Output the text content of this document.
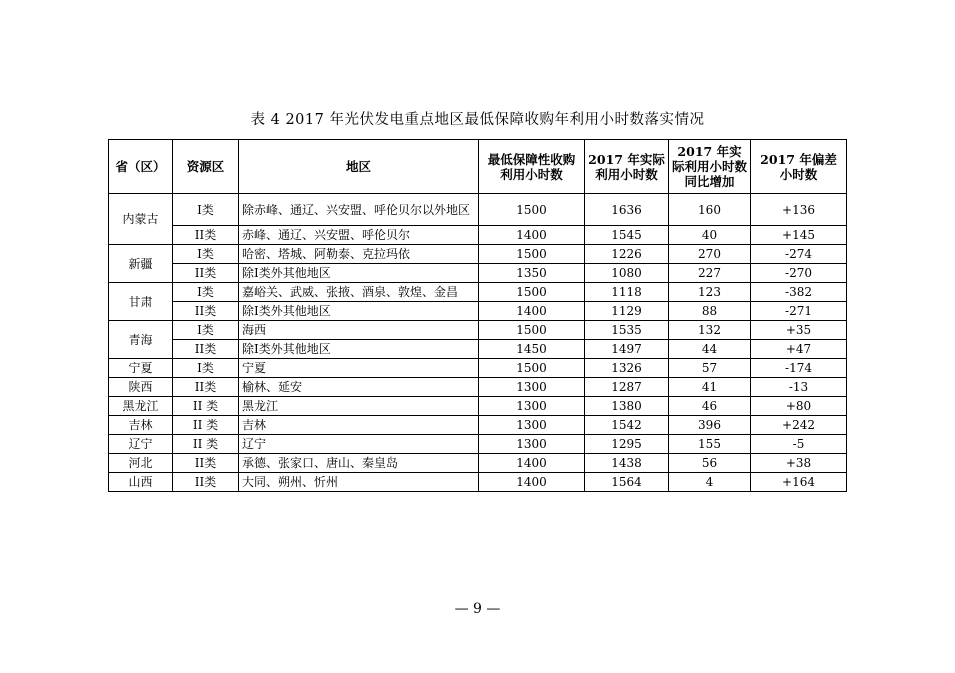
表 4 2017 年光伏发电重点地区最低保障收购年利用小时数落实情况
省（区）	资源区	地区	最低保障性收购利用小时数	2017 年实际利用小时数	2017 年实际利用小时数同比增加	2017 年偏差小时数
内蒙古	I类	除赤峰、通辽、兴安盟、呼伦贝尔以外地区	1500	1636	160	+136
	II类	赤峰、通辽、兴安盟、呼伦贝尔	1400	1545	40	+145
新疆	I类	哈密、塔城、阿勒泰、克拉玛依	1500	1226	270	-274
	II类	除I类外其他地区	1350	1080	227	-270
甘肃	I类	嘉峪关、武威、张掖、酒泉、敦煌、金昌	1500	1118	123	-382
	II类	除I类外其他地区	1400	1129	88	-271
青海	I类	海西	1500	1535	132	+35
	II类	除I类外其他地区	1450	1497	44	+47
宁夏	I类	宁夏	1500	1326	57	-174
陕西	II类	榆林、延安	1300	1287	41	-13
黑龙江	II 类	黑龙江	1300	1380	46	+80
吉林	II 类	吉林	1300	1542	396	+242
辽宁	II 类	辽宁	1300	1295	155	-5
河北	II类	承德、张家口、唐山、秦皇岛	1400	1438	56	+38
山西	II类	大同、朔州、忻州	1400	1564	4	+164
— 9 —
